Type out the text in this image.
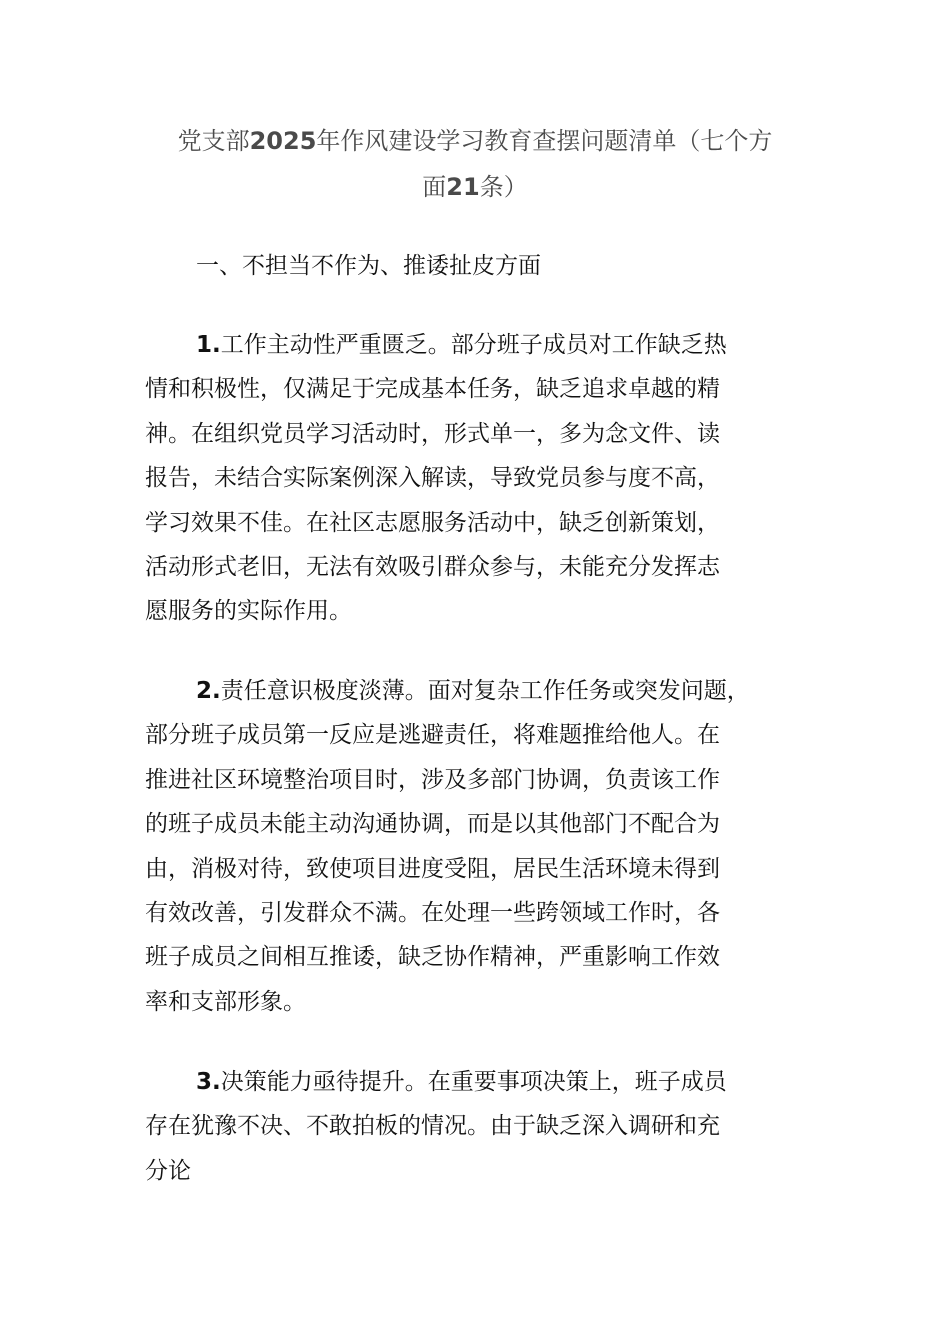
党支部2025年作风建设学习教育查摆问题清单（七个方
面21条）
一、不担当不作为、推诿扯皮方面
1.工作主动性严重匮乏。部分班子成员对工作缺乏热
情和积极性，仅满足于完成基本任务，缺乏追求卓越的精
神。在组织党员学习活动时，形式单一，多为念文件、读
报告，未结合实际案例深入解读，导致党员参与度不高，
学习效果不佳。在社区志愿服务活动中，缺乏创新策划，
活动形式老旧，无法有效吸引群众参与，未能充分发挥志
愿服务的实际作用。
2.责任意识极度淡薄。面对复杂工作任务或突发问题，
部分班子成员第一反应是逃避责任，将难题推给他人。在
推进社区环境整治项目时，涉及多部门协调，负责该工作
的班子成员未能主动沟通协调，而是以其他部门不配合为
由，消极对待，致使项目进度受阻，居民生活环境未得到
有效改善，引发群众不满。在处理一些跨领域工作时，各
班子成员之间相互推诿，缺乏协作精神，严重影响工作效
率和支部形象。
3.决策能力亟待提升。在重要事项决策上，班子成员
存在犹豫不决、不敢拍板的情况。由于缺乏深入调研和充
分论
